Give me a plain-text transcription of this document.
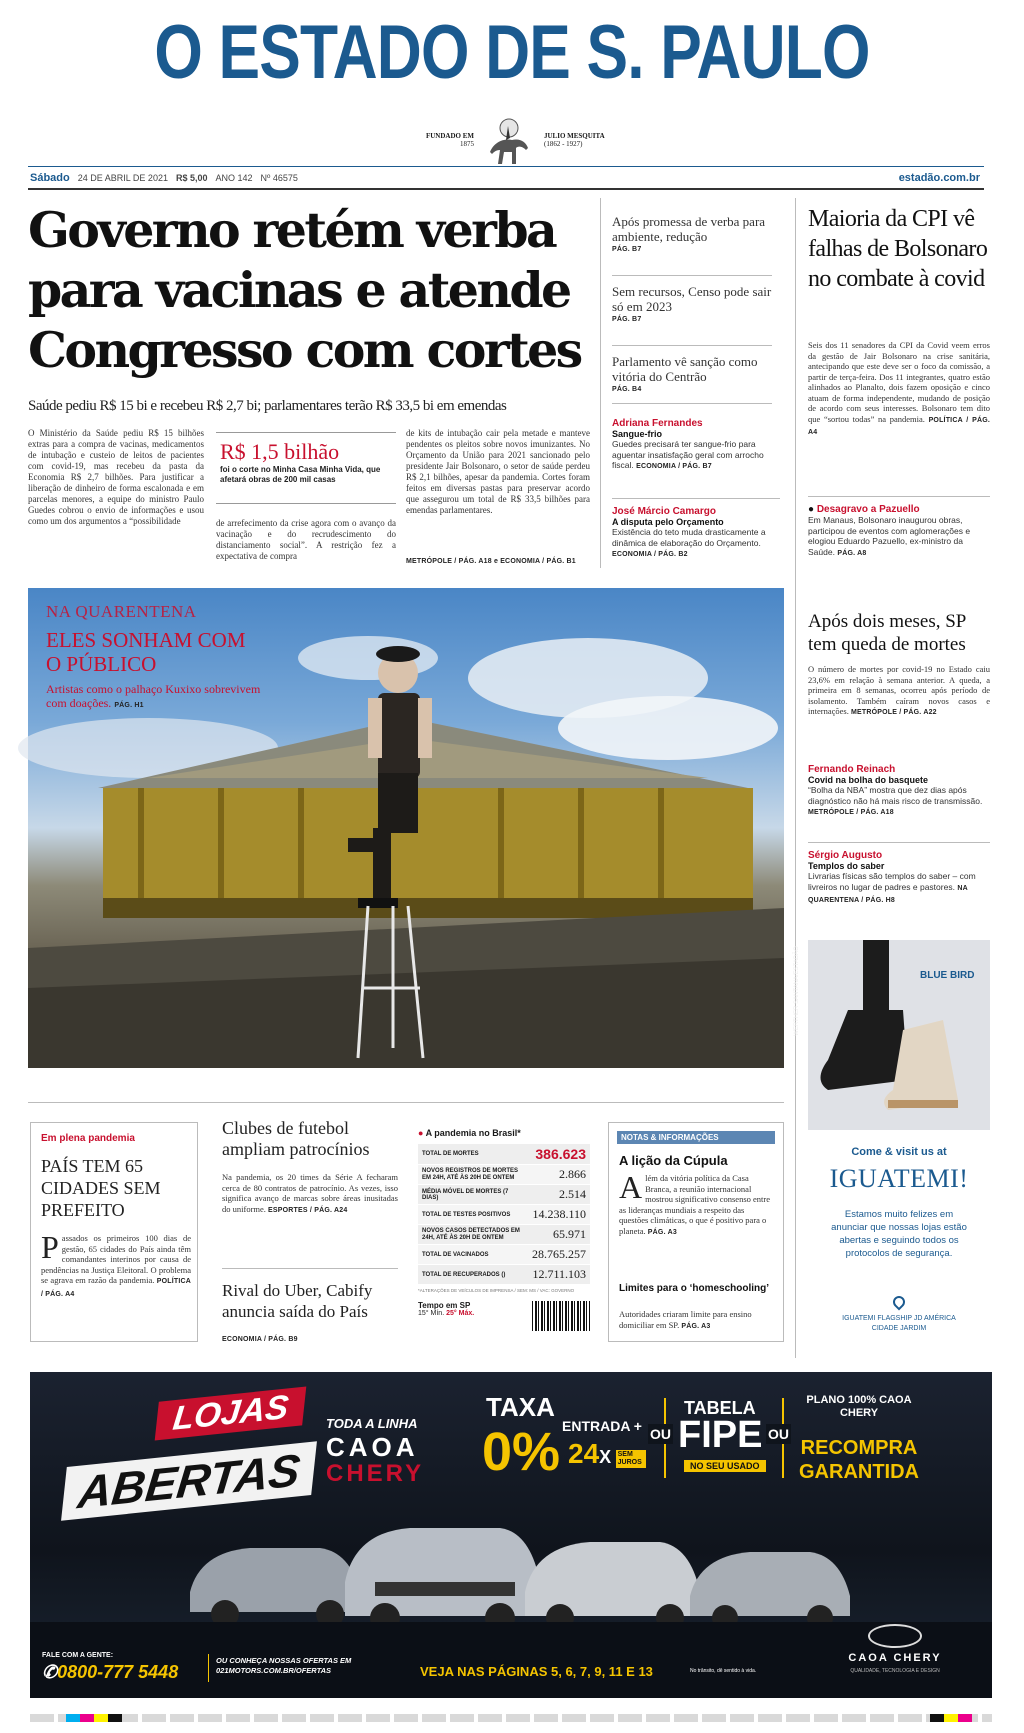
O ESTADO DE S. PAULO
FUNDADO EM
1875
JULIO MESQUITA
(1862 - 1927)
Sábado 24 DE ABRIL DE 2021 R$ 5,00 ANO 142 Nº 46575	estadão.com.br
Governo retém verba para vacinas e atende Congresso com cortes
Saúde pediu R$ 15 bi e recebeu R$ 2,7 bi; parlamentares terão R$ 33,5 bi em emendas
O Ministério da Saúde pediu R$ 15 bilhões extras para a compra de vacinas, medicamentos de intubação e custeio de leitos de pacientes com covid-19, mas recebeu da pasta da Economia R$ 2,7 bilhões. Para justificar a liberação de dinheiro de forma escalonada e em parcelas menores, a equipe do ministro Paulo Guedes cobrou o envio de informações e usou como um dos argumentos a “possibilidade
R$ 1,5 bilhão
foi o corte no Minha Casa Minha Vida, que afetará obras de 200 mil casas
de arrefecimento da crise agora com o avanço da vacinação e do recrudescimento do distanciamento social”. A restrição fez a expectativa de compra
de kits de intubação cair pela metade e manteve pendentes os pleitos sobre novos imunizantes. No Orçamento da União para 2021 sancionado pelo presidente Jair Bolsonaro, o setor de saúde perdeu R$ 2,1 bilhões, apesar da pandemia. Cortes foram feitos em diversas pastas para preservar acordo que assegurou um total de R$ 33,5 bilhões para emendas parlamentares.
METRÓPOLE / PÁG. A18 e ECONOMIA / PÁG. B1
Após promessa de verba para ambiente, redução
PÁG. B7
Sem recursos, Censo pode sair só em 2023
PÁG. B7
Parlamento vê sanção como vitória do Centrão
PÁG. B4
Adriana Fernandes
Sangue-frio
Guedes precisará ter sangue-frio para aguentar insatisfação geral com arrocho fiscal. ECONOMIA / PÁG. B7
José Márcio Camargo
A disputa pelo Orçamento
Existência do teto muda drasticamente a dinâmica de elaboração do Orçamento. ECONOMIA / PÁG. B2
Maioria da CPI vê falhas de Bolsonaro no combate à covid
Seis dos 11 senadores da CPI da Covid veem erros da gestão de Jair Bolsonaro na crise sanitária, antecipando que este deve ser o foco da comissão, a partir de terça-feira. Dos 11 integrantes, quatro estão alinhados ao Planalto, dois fazem oposição e cinco atuam de forma independente, mudando de posição de acordo com seus interesses. Bolsonaro tem dito que “sortou todas” na pandemia. POLÍTICA / PÁG. A4
● Desagravo a Pazuello
Em Manaus, Bolsonaro inaugurou obras, participou de eventos com aglomerações e elogiou Eduardo Pazuello, ex-ministro da Saúde. PÁG. A8
NA QUARENTENA
ELES SONHAM COM O PÚBLICO
Artistas como o palhaço Kuxixo sobrevivem com doações. PÁG. H1
WERTHER SANTANA/ESTADÃO
Após dois meses, SP tem queda de mortes
O número de mortes por covid-19 no Estado caiu 23,6% em relação à semana anterior. A queda, a primeira em 8 semanas, ocorreu após período de isolamento. Também caíram novos casos e internações. METRÓPOLE / PÁG. A22
Fernando Reinach
Covid na bolha do basquete
“Bolha da NBA” mostra que dez dias após diagnóstico não há mais risco de transmissão. METRÓPOLE / PÁG. A18
Sérgio Augusto
Templos do saber
Livrarias físicas são templos do saber – com livreiros no lugar de padres e pastores. NA QUARENTENA / PÁG. H8
BLUE BIRD
Come & visit us at
IGUATEMI!
Estamos muito felizes em anunciar que nossas lojas estão abertas e seguindo todos os protocolos de segurança.
IGUATEMI FLAGSHIP JD AMÉRICA CIDADE JARDIM
Em plena pandemia
PAÍS TEM 65 CIDADES SEM PREFEITO
Passados os primeiros 100 dias de gestão, 65 cidades do País ainda têm comandantes interinos por causa de pendências na Justiça Eleitoral. O problema se agrava em razão da pandemia. POLÍTICA / PÁG. A4
Clubes de futebol ampliam patrocínios
Na pandemia, os 20 times da Série A fecharam cerca de 80 contratos de patrocínio. As vezes, isso significa avanço de marcas sobre áreas inusitadas do uniforme. ESPORTES / PÁG. A24
Rival do Uber, Cabify anuncia saída do País
ECONOMIA / PÁG. B9
● A pandemia no Brasil*
TOTAL DE MORTES	386.623
NOVOS REGISTROS DE MORTES EM 24H, ATÉ ÀS 20H DE ONTEM	2.866
MÉDIA MÓVEL DE MORTES (7 DIAS)	2.514
TOTAL DE TESTES POSITIVOS 14.238.110
NOVOS CASOS DETECTADOS EM 24H, ATÉ ÀS 20H DE ONTEM	65.971
TOTAL DE VACINADOS	28.765.257
TOTAL DE RECUPERADOS ()	12.711.103
*ALTERAÇÕES DE VEÍCULOS DE IMPRENSA / SEM: MS / VAC: GOVERNO
Tempo em SP
15° Mín. 25° Máx.
NOTAS & INFORMAÇÕES
A lição da Cúpula
Além da vitória política da Casa Branca, a reunião internacional mostrou significativo consenso entre as lideranças mundiais a respeito das questões climáticas, o que é positivo para o planeta. PÁG. A3
Limites para o ‘homeschooling’
Autoridades criaram limite para ensino domiciliar em SP. PÁG. A3
LOJAS
ABERTAS
TODA A LINHA
CAOA
CHERY
TAXA
0% ENTRADA +
24X SEM JUROS
OU
TABELA
FIPE
NO SEU USADO
OU
PLANO 100% CAOA CHERY
RECOMPRA GARANTIDA
FALE COM A GENTE:
✆0800-777 5448
OU CONHEÇA NOSSAS OFERTAS EM 021MOTORS.COM.BR/OFERTAS	VEJA NAS PÁGINAS 5, 6, 7, 9, 11 E 13	No trânsito, dê sentido à vida.
CAOA CHERY
QUALIDADE, TECNOLOGIA E DESIGN
